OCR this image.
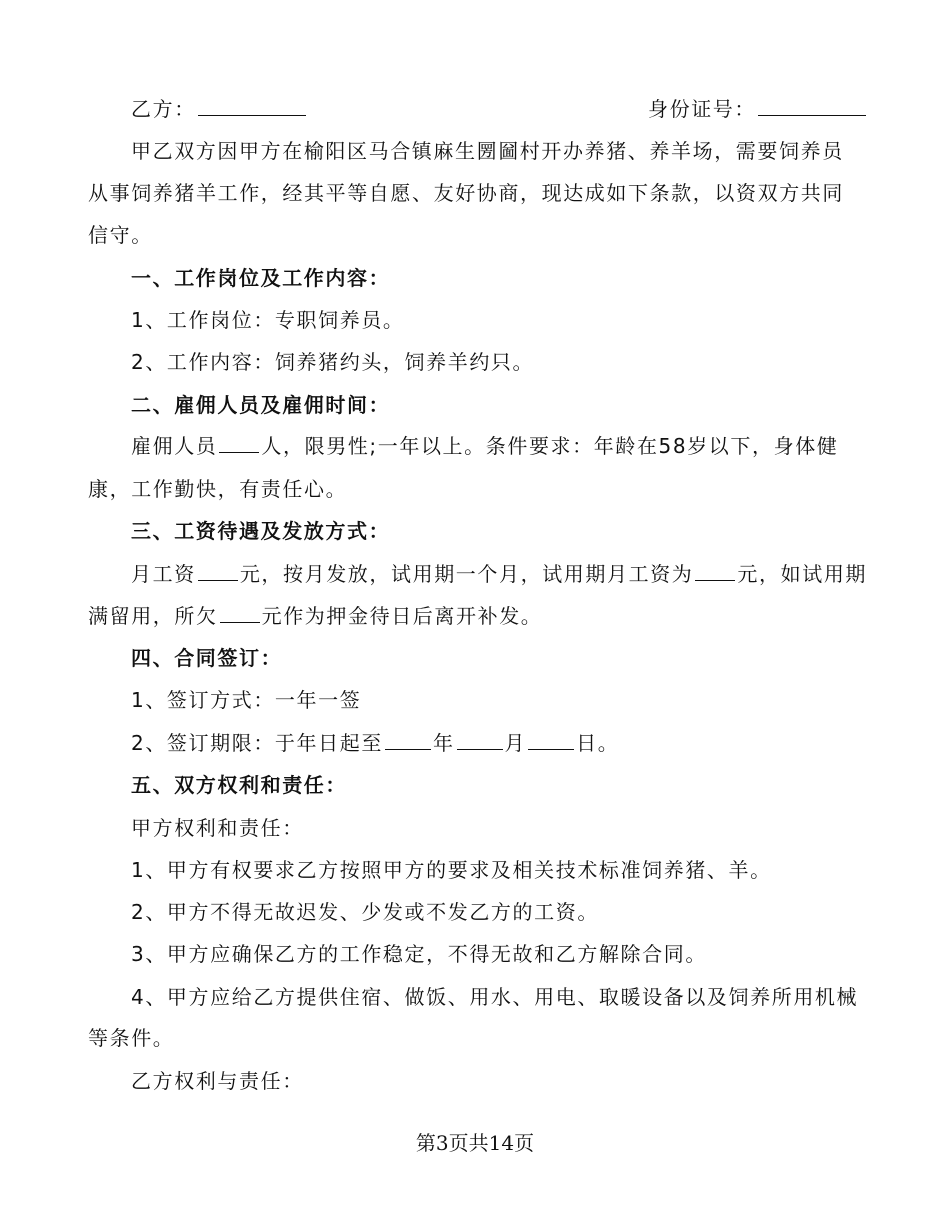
乙方：	身份证号：
甲乙双方因甲方在榆阳区马合镇麻生圐圙村开办养猪、养羊场，需要饲养员
从事饲养猪羊工作，经其平等自愿、友好协商，现达成如下条款，以资双方共同
信守。
一、工作岗位及工作内容：
1、工作岗位：专职饲养员。
2、工作内容：饲养猪约头，饲养羊约只。
二、雇佣人员及雇佣时间：
雇佣人员 人，限男性;一年以上。条件要求：年龄在58岁以下，身体健
康，工作勤快，有责任心。
三、工资待遇及发放方式：
月工资 元，按月发放，试用期一个月，试用期月工资为 元，如试用期
满留用，所欠 元作为押金待日后离开补发。
四、合同签订：
1、签订方式：一年一签
2、签订期限：于年日起至	年	月	日。
五、双方权利和责任：
甲方权利和责任：
1、甲方有权要求乙方按照甲方的要求及相关技术标准饲养猪、羊。
2、甲方不得无故迟发、少发或不发乙方的工资。
3、甲方应确保乙方的工作稳定，不得无故和乙方解除合同。
4、甲方应给乙方提供住宿、做饭、用水、用电、取暖设备以及饲养所用机械
等条件。
乙方权利与责任：
第3页共14页
